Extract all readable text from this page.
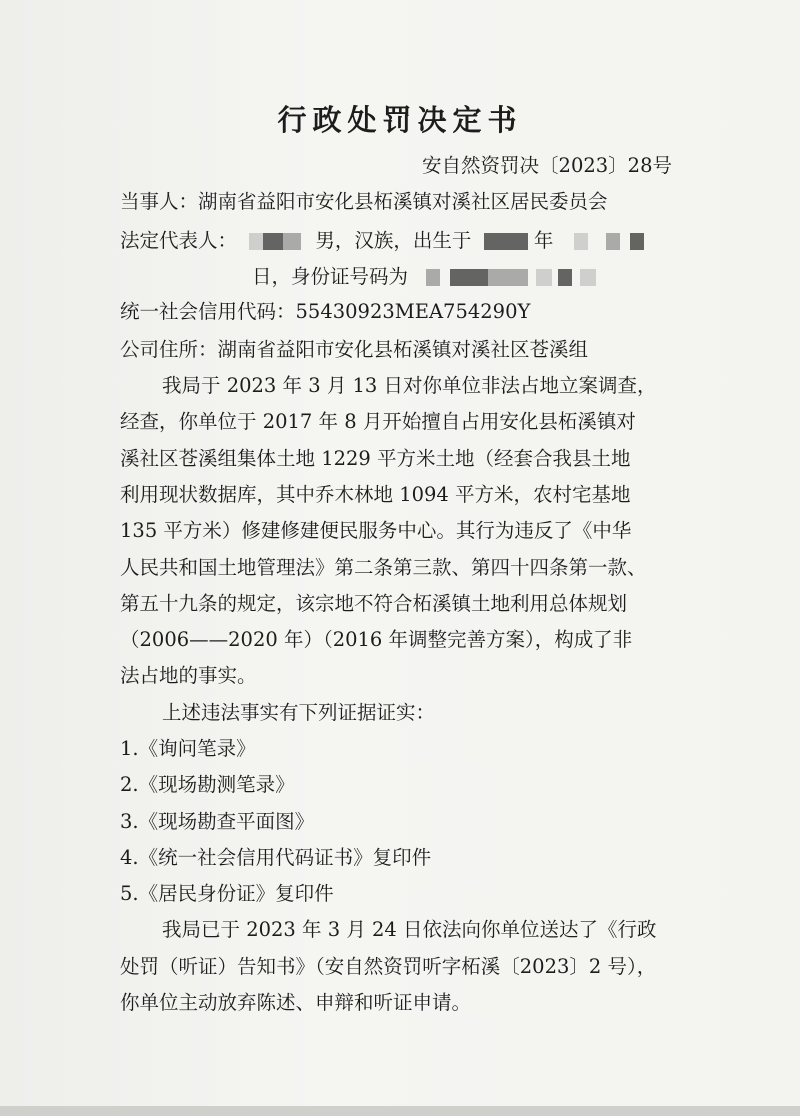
行政处罚决定书
安自然资罚决〔2023〕28号
当事人：湖南省益阳市安化县柘溪镇对溪社区居民委员会
法定代表人：	男，汉族，出生于	年
日，身份证号码为
统一社会信用代码：55430923MEA754290Y
公司住所：湖南省益阳市安化县柘溪镇对溪社区苍溪组
我局于 2023 年 3 月 13 日对你单位非法占地立案调查，
经查，你单位于 2017 年 8 月开始擅自占用安化县柘溪镇对
溪社区苍溪组集体土地 1229 平方米土地（经套合我县土地
利用现状数据库，其中乔木林地 1094 平方米，农村宅基地
135 平方米）修建修建便民服务中心。其行为违反了《中华
人民共和国土地管理法》第二条第三款、第四十四条第一款、
第五十九条的规定，该宗地不符合柘溪镇土地利用总体规划
（2006——2020 年）（2016 年调整完善方案），构成了非
法占地的事实。
上述违法事实有下列证据证实：
1.《询问笔录》
2.《现场勘测笔录》
3.《现场勘查平面图》
4.《统一社会信用代码证书》复印件
5.《居民身份证》复印件
我局已于 2023 年 3 月 24 日依法向你单位送达了《行政
处罚（听证）告知书》（安自然资罚听字柘溪〔2023〕2 号），
你单位主动放弃陈述、申辩和听证申请。
